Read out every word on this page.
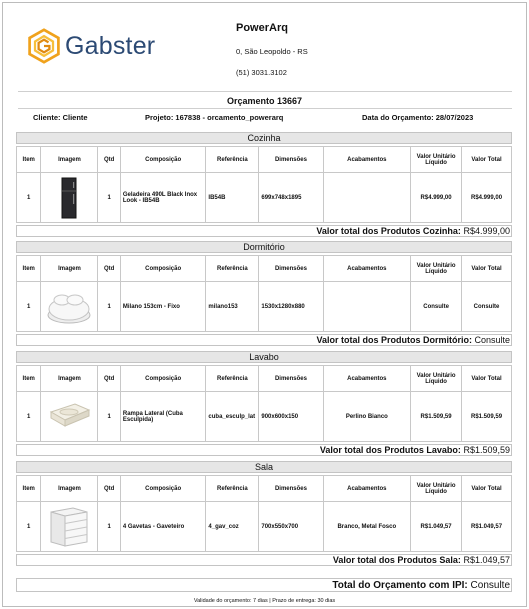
Gabster
PowerArq
0, São Leopoldo - RS
(51) 3031.3102
Orçamento 13667
Cliente: Cliente	Projeto: 167838 - orcamento_powerarq	Data do Orçamento: 28/07/2023
Cozinha
Item	Imagem	Qtd	Composição	Referência	Dimensões	Acabamentos	Valor Unitário Líquido	Valor Total
1		1	Geladeira 490L Black Inox Look - IB54B	IB54B	699x748x1895		R$4.999,00	R$4.999,00
Valor total dos Produtos Cozinha: R$4.999,00
Dormitório
Item	Imagem	Qtd	Composição	Referência	Dimensões	Acabamentos	Valor Unitário Líquido	Valor Total
1		1	Milano 153cm - Fixo	milano153	1530x1280x880		Consulte	Consulte
Valor total dos Produtos Dormitório: Consulte
Lavabo
Item	Imagem	Qtd	Composição	Referência	Dimensões	Acabamentos	Valor Unitário Líquido	Valor Total
1		1	Rampa Lateral (Cuba Esculpida)	cuba_esculp_lat	900x600x150	Perlino Bianco	R$1.509,59	R$1.509,59
Valor total dos Produtos Lavabo: R$1.509,59
Sala
Item	Imagem	Qtd	Composição	Referência	Dimensões	Acabamentos	Valor Unitário Líquido	Valor Total
1		1	4 Gavetas - Gaveteiro	4_gav_coz	700x550x700	Branco, Metal Fosco	R$1.049,57	R$1.049,57
Valor total dos Produtos Sala: R$1.049,57
Total do Orçamento com IPI: Consulte
Validade do orçamento: 7 dias | Prazo de entrega: 30 dias
